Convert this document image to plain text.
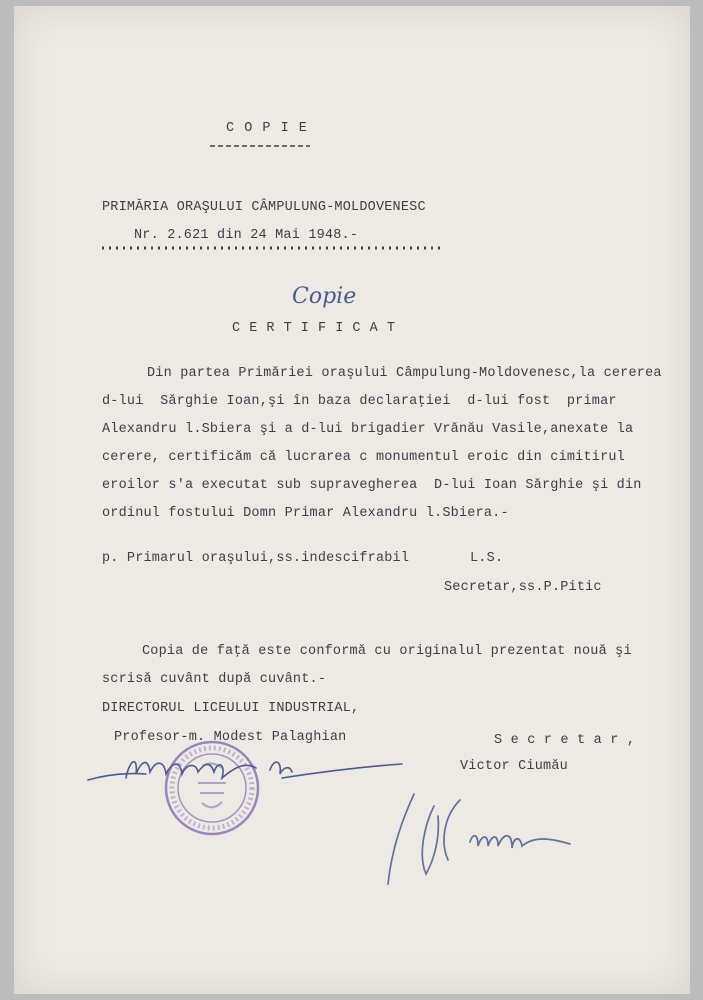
C O P I E
PRIMĂRIA ORAŞULUI CÂMPULUNG-MOLDOVENESC
Nr. 2.621 din 24 Mai 1948.-
Copie
C E R T I F I C A T
Din partea Primăriei oraşului Câmpulung-Moldovenesc,la cererea
d-lui  Sărghie Ioan,şi în baza declaraţiei  d-lui fost  primar
Alexandru l.Sbiera şi a d-lui brigadier Vrănău Vasile,anexate la
cerere, certificăm că lucrarea c monumentul eroic din cimitirul
eroilor s'a executat sub supravegherea  D-lui Ioan Sărghie şi din
ordinul fostului Domn Primar Alexandru l.Sbiera.-
p. Primarul oraşului,ss.indescifrabil	L.S.
Secretar,ss.P.Pitic
Copia de faţă este conformă cu originalul prezentat nouă şi
scrisă cuvânt după cuvânt.-
DIRECTORUL LICEULUI INDUSTRIAL,
Profesor-m. Modest Palaghian	S e c r e t a r ,
Victor Ciumău
